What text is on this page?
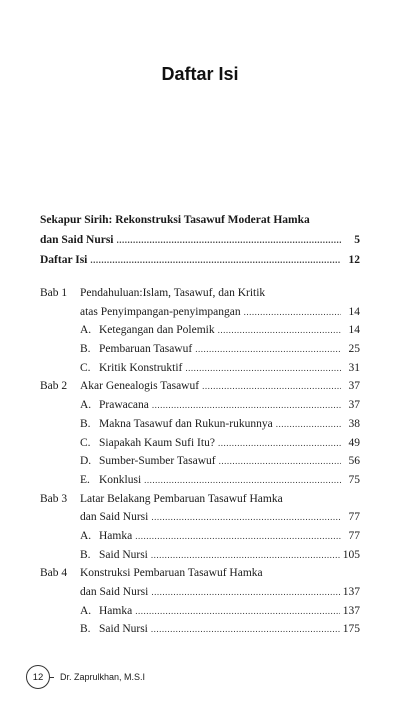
Daftar Isi
Sekapur Sirih: Rekonstruksi Tasawuf Moderat Hamka
dan Said Nursi .....	5
Daftar Isi .....	12
Bab 1	Pendahuluan:Islam, Tasawuf, dan Kritik
atas Penyimpangan-penyimpangan .....	14
A. Ketegangan dan Polemik .....	14
B. Pembaruan Tasawuf .....	25
C. Kritik Konstruktif .....	31
Bab 2	Akar Genealogis Tasawuf .....	37
A. Prawacana .....	37
B. Makna Tasawuf dan Rukun-rukunnya .....	38
C. Siapakah Kaum Sufi Itu? .....	49
D. Sumber-Sumber Tasawuf .....	56
E. Konklusi .....	75
Bab 3	Latar Belakang Pembaruan Tasawuf Hamka
dan Said Nursi .....	77
A. Hamka .....	77
B. Said Nursi .....	105
Bab 4	Konstruksi Pembaruan Tasawuf Hamka
dan Said Nursi .....	137
A. Hamka .....	137
B. Said Nursi .....	175
12	Dr. Zaprulkhan, M.S.I
